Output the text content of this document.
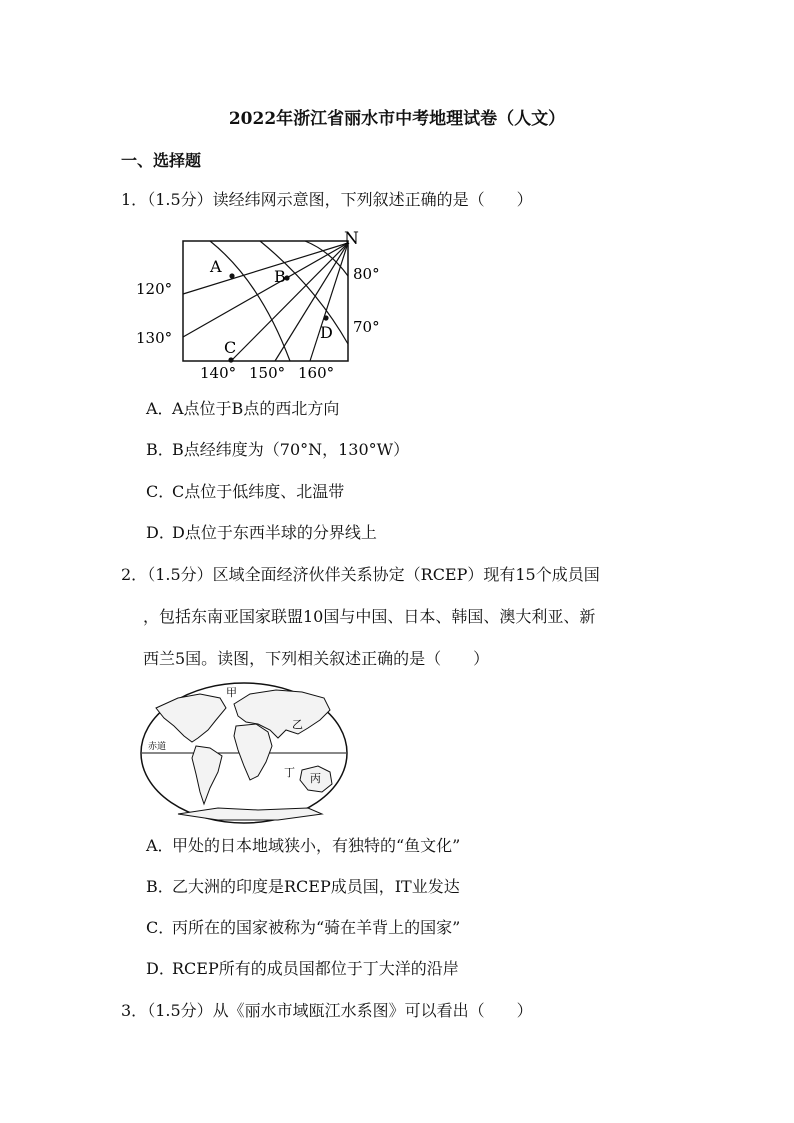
2022年浙江省丽水市中考地理试卷（人文）
一、选择题
1．（1.5分）读经纬网示意图，下列叙述正确的是（　　）
N
A
B
C
D
80°
70°
120°
130°
140° 150° 160°
A．A点位于B点的西北方向
B．B点经纬度为（70°N，130°W）
C．C点位于低纬度、北温带
D．D点位于东西半球的分界线上
2．（1.5分）区域全面经济伙伴关系协定（RCEP）现有15个成员国
，包括东南亚国家联盟10国与中国、日本、韩国、澳大利亚、新
西兰5国。读图，下列相关叙述正确的是（　　）
赤道
甲
乙
丁 丙
A．甲处的日本地域狭小，有独特的“鱼文化”
B．乙大洲的印度是RCEP成员国，IT业发达
C．丙所在的国家被称为“骑在羊背上的国家”
D．RCEP所有的成员国都位于丁大洋的沿岸
3．（1.5分）从《丽水市域瓯江水系图》可以看出（　　）
